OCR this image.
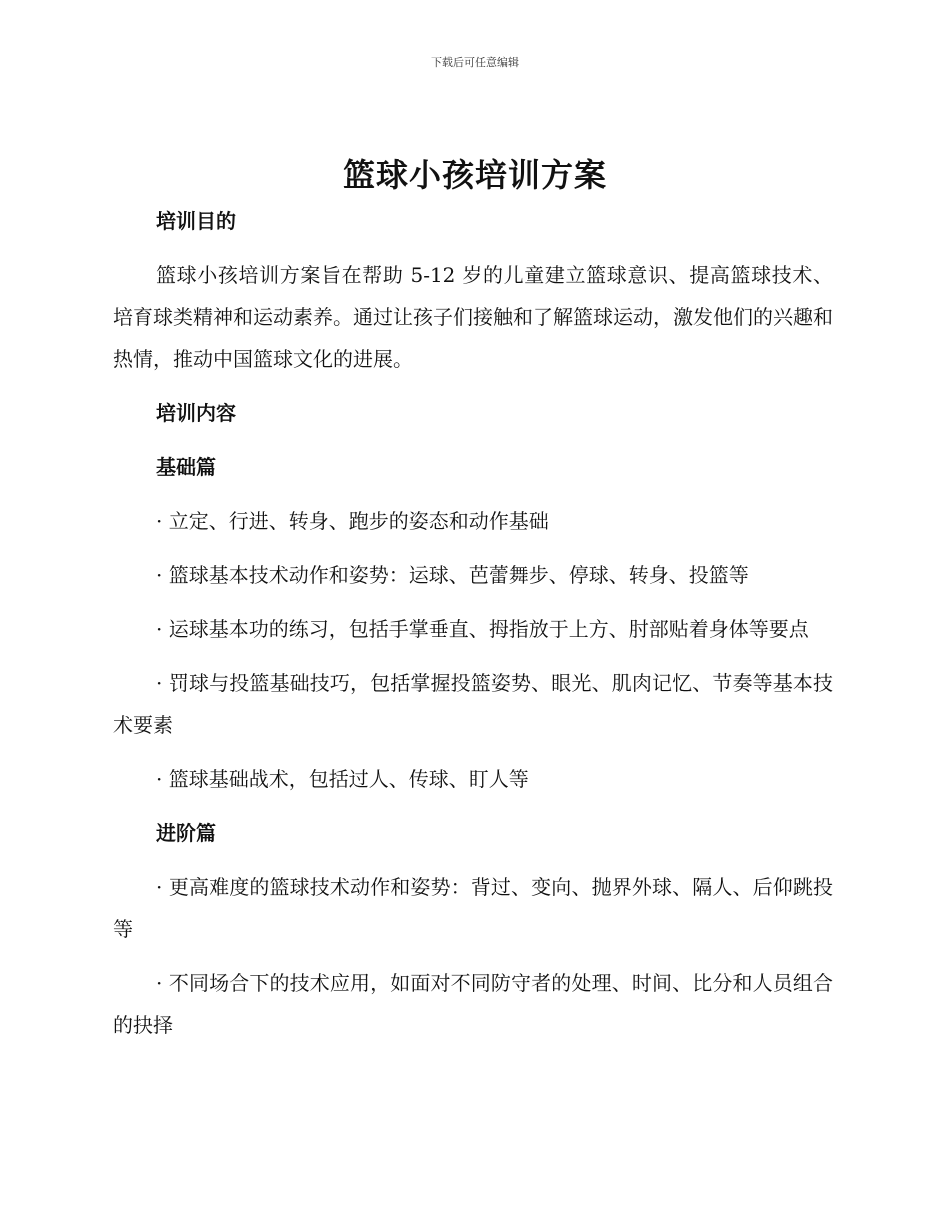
下载后可任意编辑
篮球小孩培训方案

培训目的

篮球小孩培训方案旨在帮助 5-12 岁的儿童建立篮球意识、提高篮球技术、培育球类精神和运动素养。通过让孩子们接触和了解篮球运动，激发他们的兴趣和热情，推动中国篮球文化的进展。

培训内容

基础篇

· 立定、行进、转身、跑步的姿态和动作基础

· 篮球基本技术动作和姿势：运球、芭蕾舞步、停球、转身、投篮等

· 运球基本功的练习，包括手掌垂直、拇指放于上方、肘部贴着身体等要点

· 罚球与投篮基础技巧，包括掌握投篮姿势、眼光、肌肉记忆、节奏等基本技术要素

· 篮球基础战术，包括过人、传球、盯人等

进阶篇

· 更高难度的篮球技术动作和姿势：背过、变向、抛界外球、隔人、后仰跳投等

· 不同场合下的技术应用，如面对不同防守者的处理、时间、比分和人员组合的抉择
